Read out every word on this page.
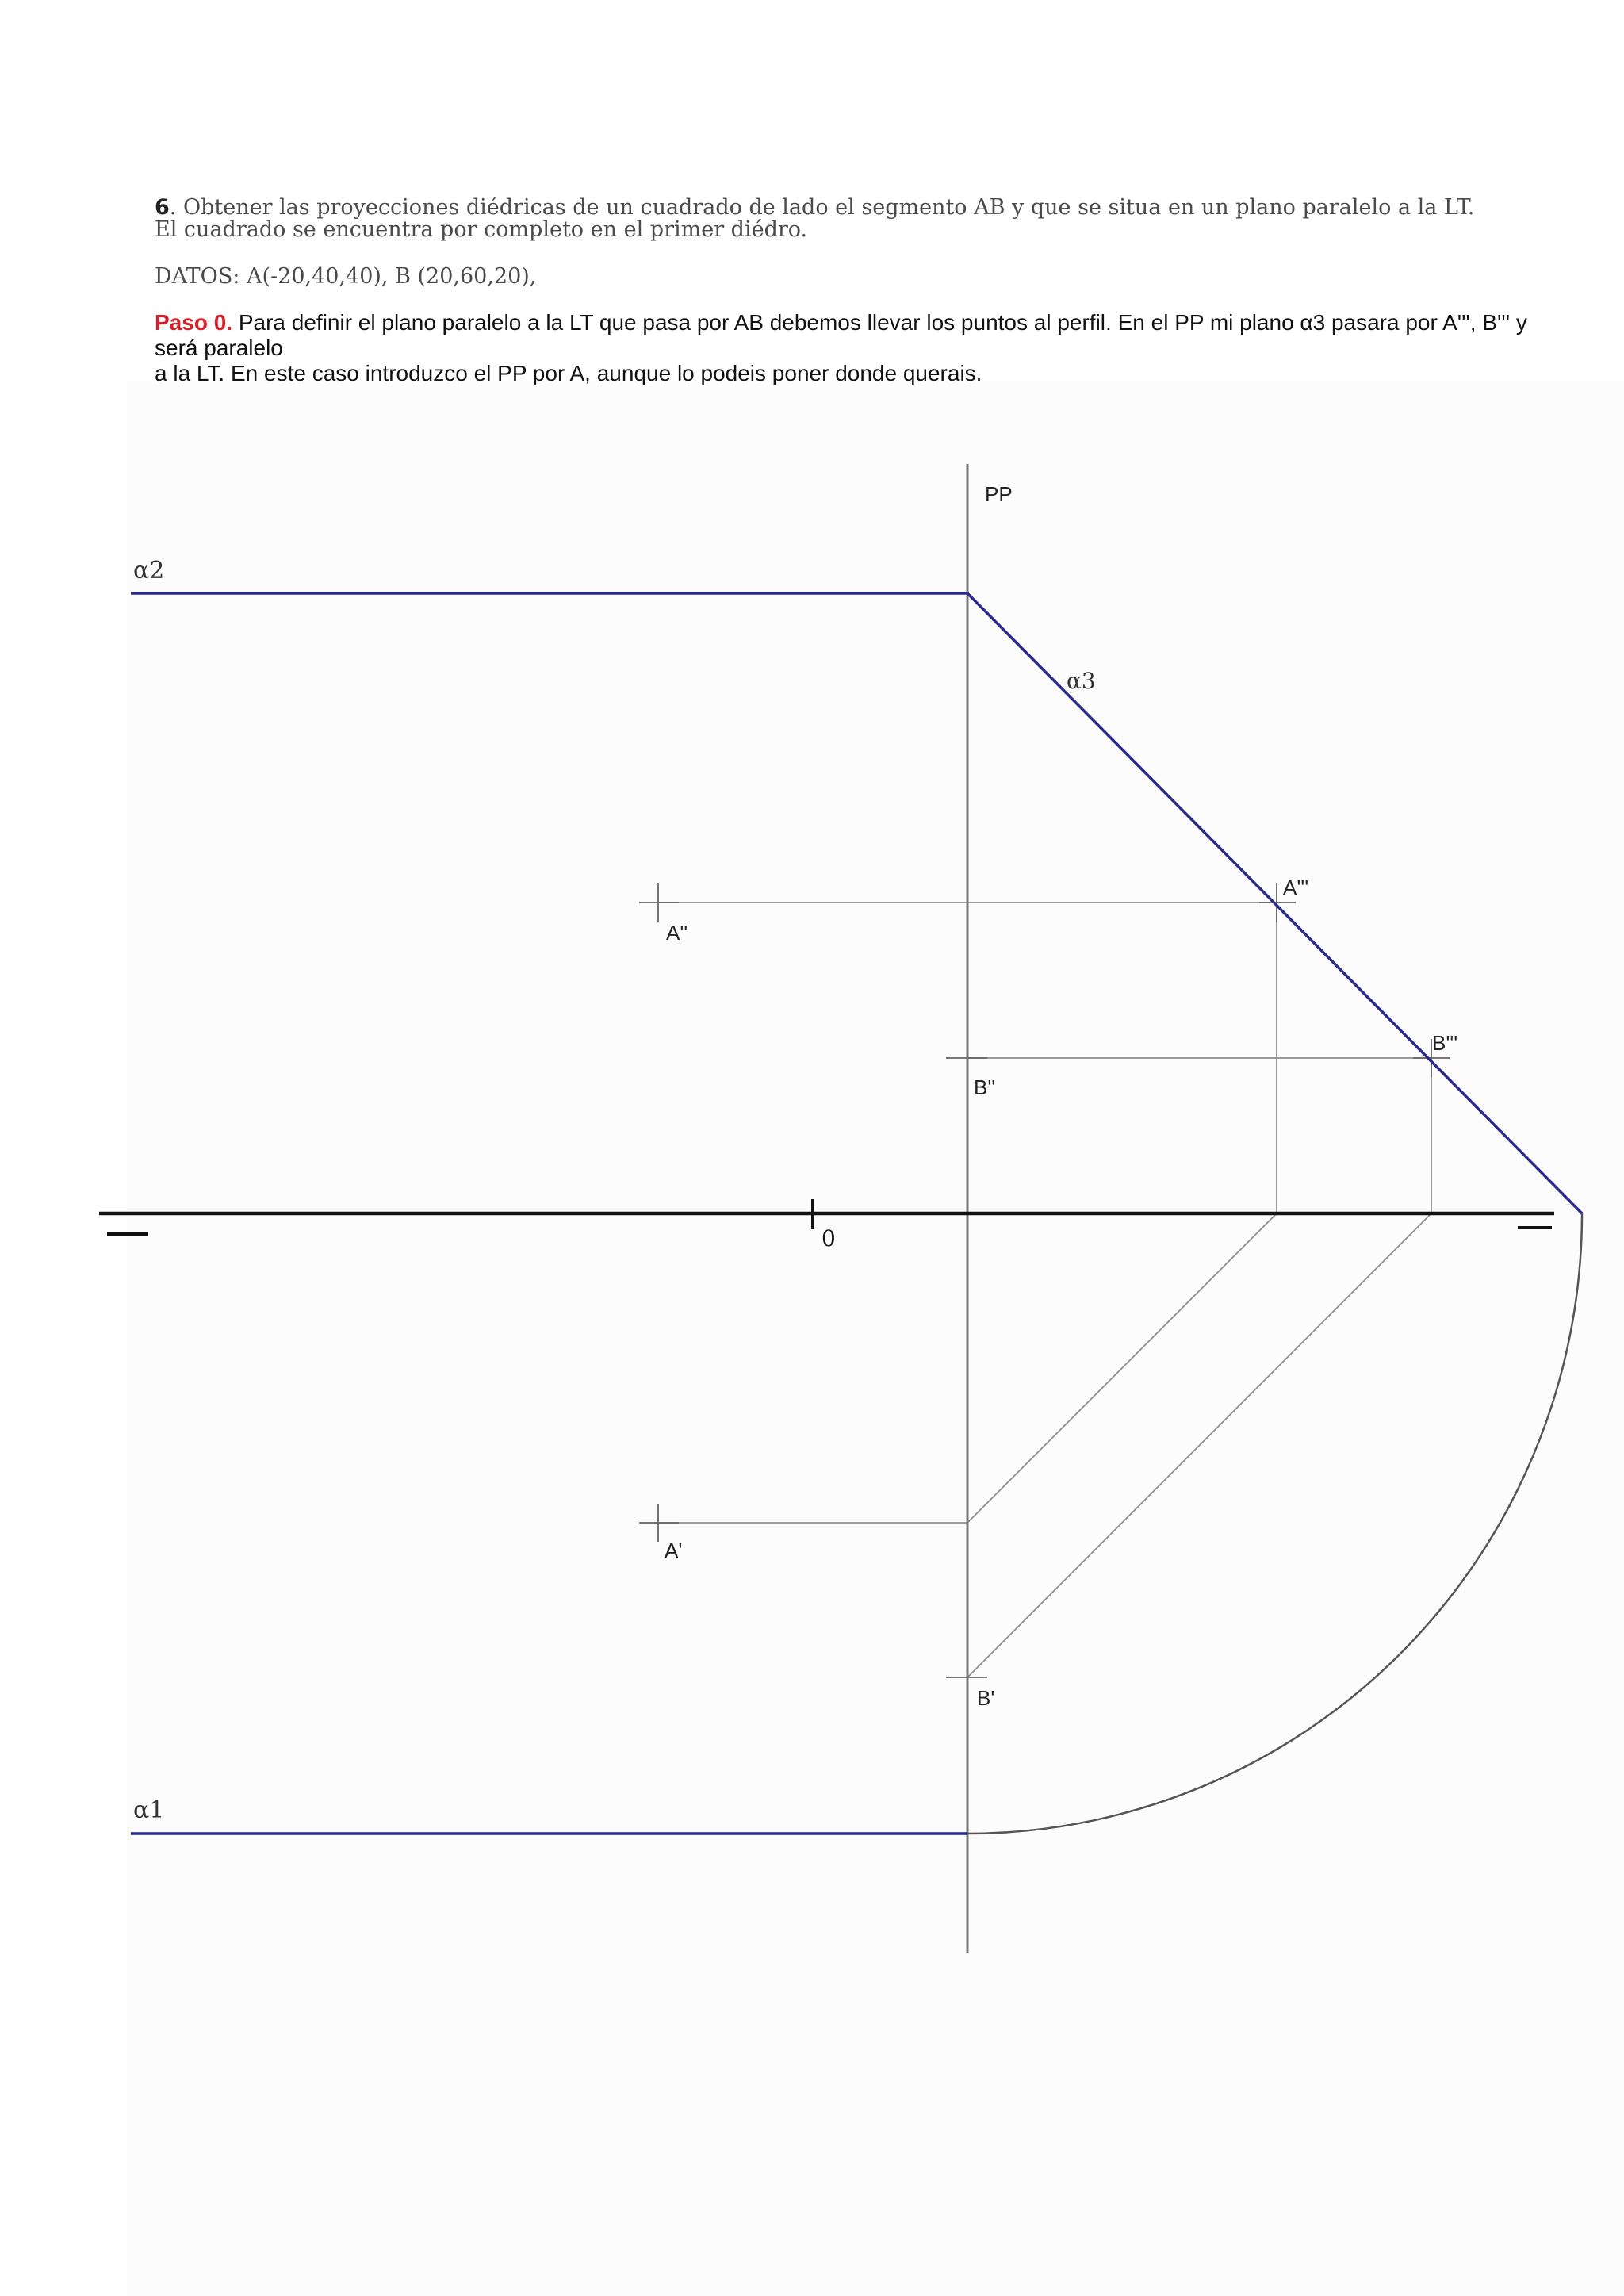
6. Obtener las proyecciones diédricas de un cuadrado de lado el segmento AB y que se situa en un plano paralelo a la LT.
El cuadrado se encuentra por completo en el primer diédro.
DATOS: A(-20,40,40), B (20,60,20),
Paso 0. Para definir el plano paralelo a la LT que pasa por AB debemos llevar los puntos al perfil. En el PP mi plano α3 pasara por A''', B''' y será paralelo
a la LT. En este caso introduzco el PP por A, aunque lo podeis poner donde querais.
PP
α2
α3
α1
0
A''
B''
A'''
B'''
A'
B'
